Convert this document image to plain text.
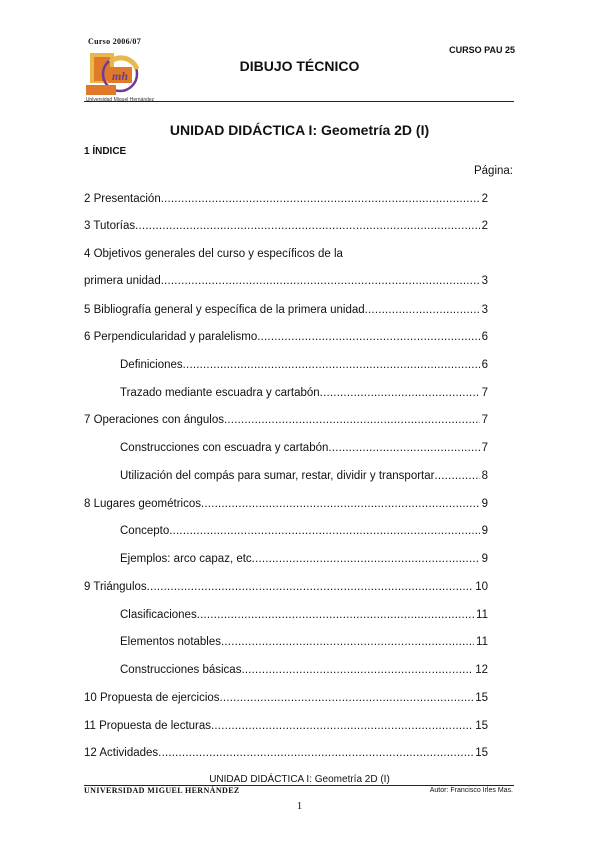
Curso 2006/07
mh
Universidad Miguel Hernández
DIBUJO TÉCNICO
CURSO PAU 25
UNIDAD DIDÁCTICA I: Geometría 2D (I)
1 ÍNDICE
Página:
2 Presentación .....	2
3 Tutorías .....	2
4 Objetivos generales del curso y específicos de la
primera unidad .....	3
5 Bibliografía general y específica de la primera unidad .....	3
6 Perpendicularidad y paralelismo .....	6
Definiciones .....	6
Trazado mediante escuadra y cartabón .....	7
7 Operaciones con ángulos .....	7
Construcciones con escuadra y cartabón .....	7
Utilización del compás para sumar, restar, dividir y transportar .....	8
8 Lugares geométricos .....	9
Concepto .....	9
Ejemplos: arco capaz, etc .....	9
9 Triángulos .....	10
Clasificaciones .....	11
Elementos notables .....	11
Construcciones básicas .....	12
10 Propuesta de ejercicios .....	15
11 Propuesta de lecturas .....	15
12 Actividades .....	15
UNIDAD DIDÁCTICA I: Geometría 2D (I)
UNIVERSIDAD MIGUEL HERNÁNDEZ	Autor: Francisco Irles Mas.
1
